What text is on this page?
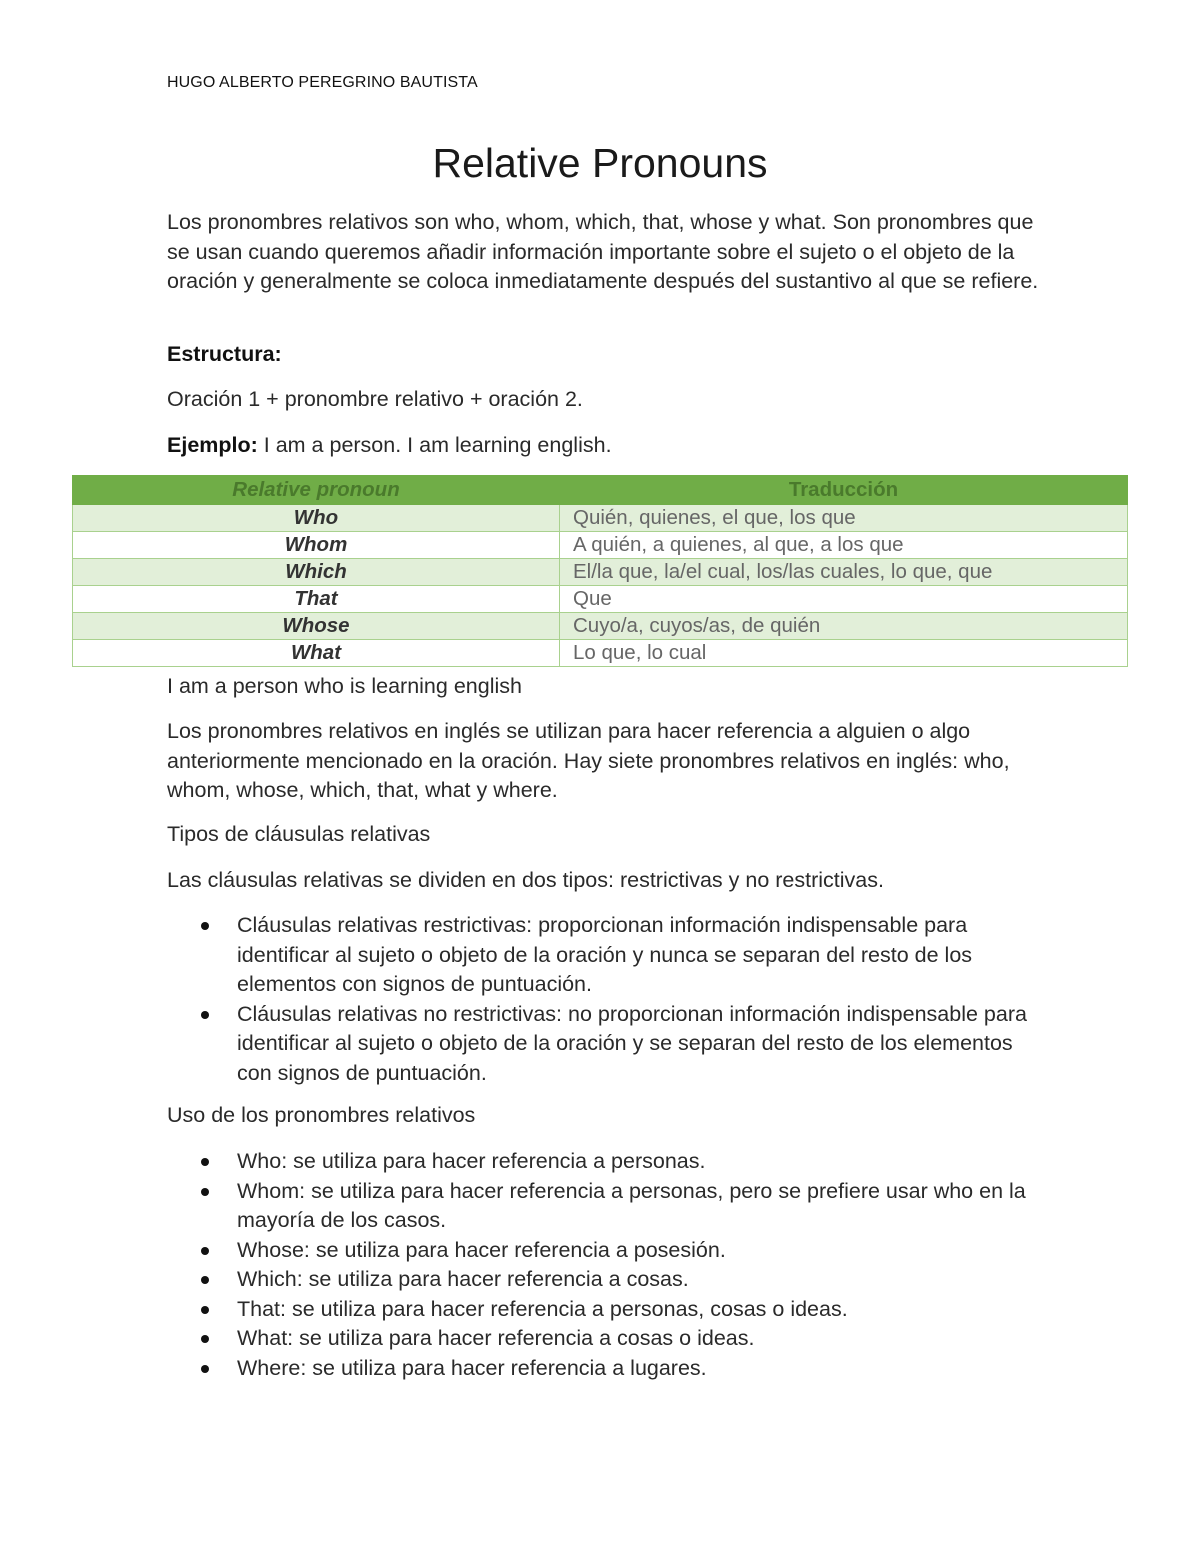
HUGO ALBERTO PEREGRINO BAUTISTA
Relative Pronouns

Los pronombres relativos son who, whom, which, that, whose y what. Son pronombres que se usan cuando queremos añadir información importante sobre el sujeto o el objeto de la oración y generalmente se coloca inmediatamente después del sustantivo al que se refiere.

Estructura:

Oración 1 + pronombre relativo + oración 2.

Ejemplo: I am a person. I am learning english.

Relative pronoun	Traducción
Who	Quién, quienes, el que, los que
Whom	A quién, a quienes, al que, a los que
Which	El/la que, la/el cual, los/las cuales, lo que, que
That	Que
Whose	Cuyo/a, cuyos/as, de quién
What	Lo que, lo cual

I am a person who is learning english

Los pronombres relativos en inglés se utilizan para hacer referencia a alguien o algo anteriormente mencionado en la oración. Hay siete pronombres relativos en inglés: who, whom, whose, which, that, what y where.

Tipos de cláusulas relativas

Las cláusulas relativas se dividen en dos tipos: restrictivas y no restrictivas.

Cláusulas relativas restrictivas: proporcionan información indispensable para identificar al sujeto o objeto de la oración y nunca se separan del resto de los elementos con signos de puntuación.
Cláusulas relativas no restrictivas: no proporcionan información indispensable para identificar al sujeto o objeto de la oración y se separan del resto de los elementos con signos de puntuación.

Uso de los pronombres relativos

Who: se utiliza para hacer referencia a personas.
Whom: se utiliza para hacer referencia a personas, pero se prefiere usar who en la mayoría de los casos.
Whose: se utiliza para hacer referencia a posesión.
Which: se utiliza para hacer referencia a cosas.
That: se utiliza para hacer referencia a personas, cosas o ideas.
What: se utiliza para hacer referencia a cosas o ideas.
Where: se utiliza para hacer referencia a lugares.
